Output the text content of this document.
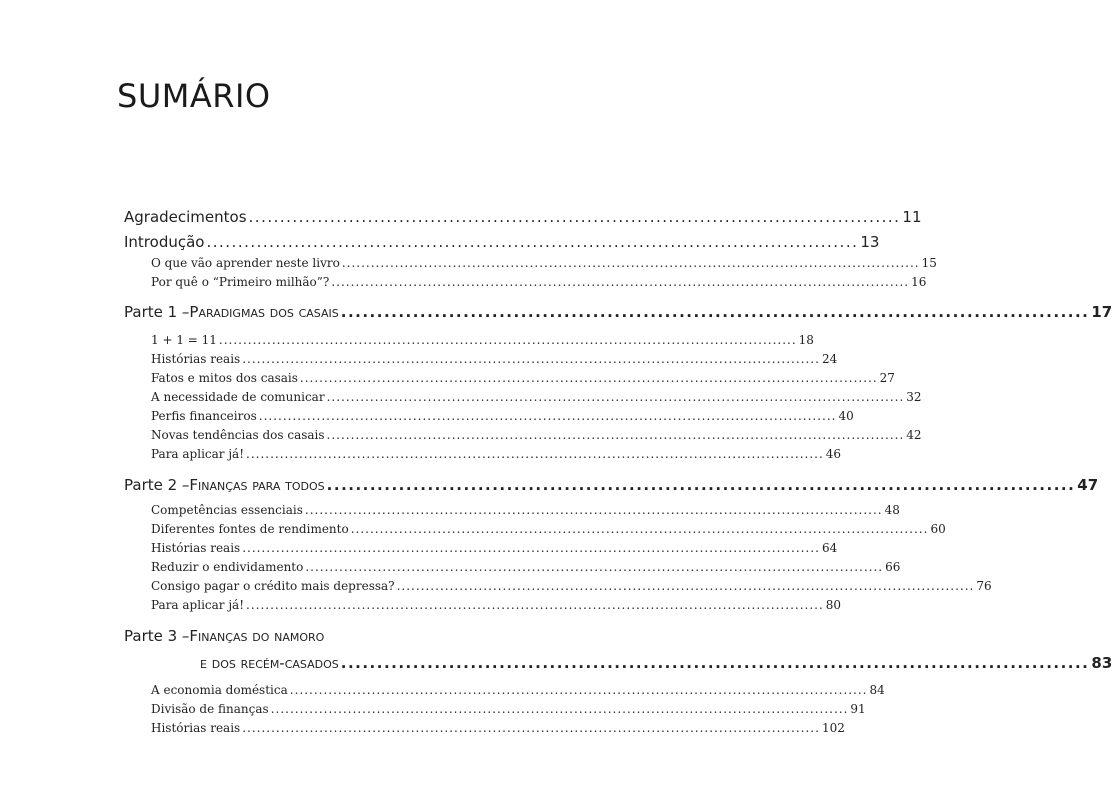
SUMÁRIO
Agradecimentos ........................................................................................................ 11
Introdução ........................................................................................................ 13
O que vão aprender neste livro ........................................................................................................................ 15
Por quê o “Primeiro milhão”? ........................................................................................................................ 16
Parte 1 – Paradigmas dos casais ........................................................................................................ 17
1 + 1 = 11 ........................................................................................................................ 18
Histórias reais ........................................................................................................................ 24
Fatos e mitos dos casais ........................................................................................................................ 27
A necessidade de comunicar ........................................................................................................................ 32
Perfis financeiros ........................................................................................................................ 40
Novas tendências dos casais ........................................................................................................................ 42
Para aplicar já! ........................................................................................................................ 46
Parte 2 – Finanças para todos ........................................................................................................ 47
Competências essenciais ........................................................................................................................ 48
Diferentes fontes de rendimento ........................................................................................................................ 60
Histórias reais ........................................................................................................................ 64
Reduzir o endividamento ........................................................................................................................ 66
Consigo pagar o crédito mais depressa? ........................................................................................................................ 76
Para aplicar já! ........................................................................................................................ 80
Parte 3 – Finanças do namoro
e dos recém-casados ........................................................................................................ 83
A economia doméstica ........................................................................................................................ 84
Divisão de finanças ........................................................................................................................ 91
Histórias reais ........................................................................................................................ 102
